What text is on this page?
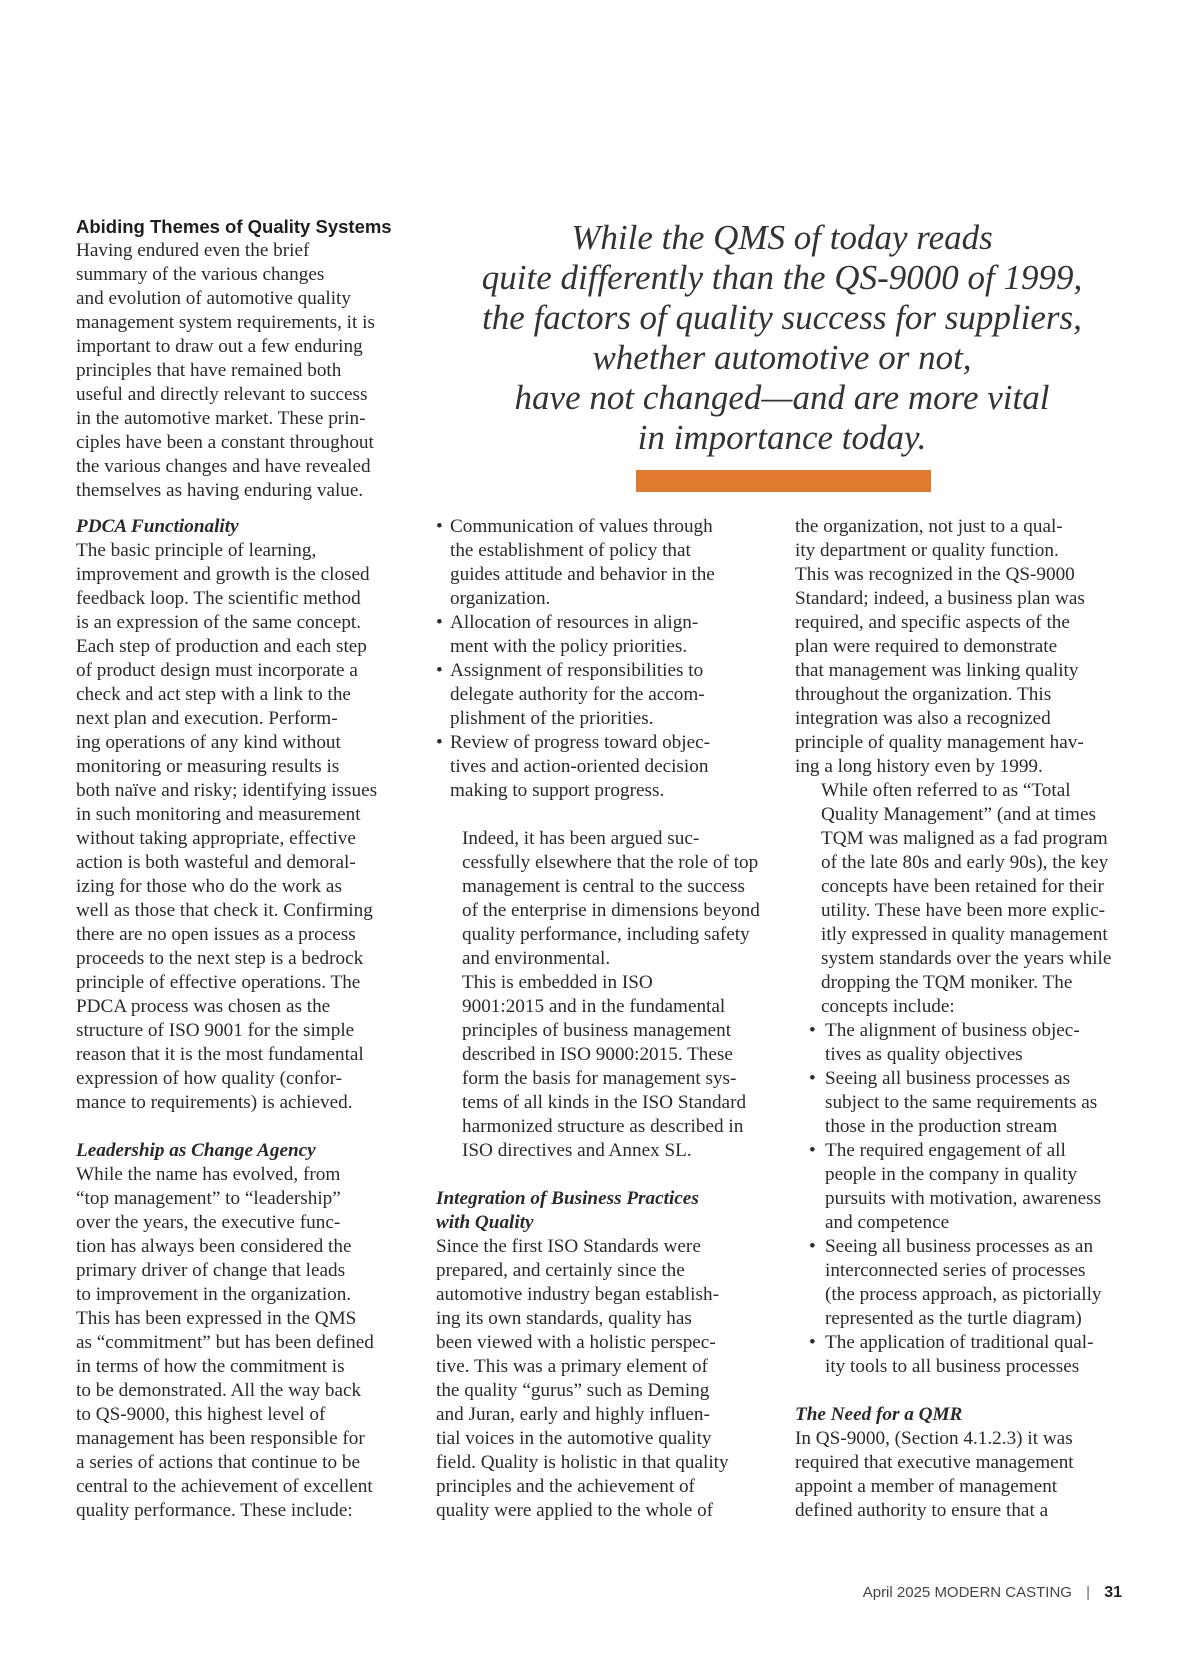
Abiding Themes of Quality Systems
Having endured even the brief
summary of the various changes
and evolution of automotive quality
management system requirements, it is
important to draw out a few enduring
principles that have remained both
useful and directly relevant to success
in the automotive market. These prin-
ciples have been a constant throughout
the various changes and have revealed
themselves as having enduring value.

While the QMS of today reads
quite differently than the QS-9000 of 1999,
the factors of quality success for suppliers,
whether automotive or not,
have not changed—and are more vital
in importance today.

PDCA Functionality
The basic principle of learning,
improvement and growth is the closed
feedback loop. The scientific method
is an expression of the same concept.
Each step of production and each step
of product design must incorporate a
check and act step with a link to the
next plan and execution. Perform-
ing operations of any kind without
monitoring or measuring results is
both naïve and risky; identifying issues
in such monitoring and measurement
without taking appropriate, effective
action is both wasteful and demoral-
izing for those who do the work as
well as those that check it. Confirming
there are no open issues as a process
proceeds to the next step is a bedrock
principle of effective operations. The
PDCA process was chosen as the
structure of ISO 9001 for the simple
reason that it is the most fundamental
expression of how quality (confor-
mance to requirements) is achieved.
Leadership as Change Agency
While the name has evolved, from
“top management” to “leadership”
over the years, the executive func-
tion has always been considered the
primary driver of change that leads
to improvement in the organization.
This has been expressed in the QMS
as “commitment” but has been defined
in terms of how the commitment is
to be demonstrated. All the way back
to QS-9000, this highest level of
management has been responsible for
a series of actions that continue to be
central to the achievement of excellent
quality performance. These include:
• Communication of values through
the establishment of policy that
guides attitude and behavior in the
organization.
• Allocation of resources in align-
ment with the policy priorities.
• Assignment of responsibilities to
delegate authority for the accom-
plishment of the priorities.
• Review of progress toward objec-
tives and action-oriented decision
making to support progress.
Indeed, it has been argued suc-
cessfully elsewhere that the role of top
management is central to the success
of the enterprise in dimensions beyond
quality performance, including safety
and environmental.
This is embedded in ISO
9001:2015 and in the fundamental
principles of business management
described in ISO 9000:2015. These
form the basis for management sys-
tems of all kinds in the ISO Standard
harmonized structure as described in
ISO directives and Annex SL.
Integration of Business Practices
with Quality
Since the first ISO Standards were
prepared, and certainly since the
automotive industry began establish-
ing its own standards, quality has
been viewed with a holistic perspec-
tive. This was a primary element of
the quality “gurus” such as Deming
and Juran, early and highly influen-
tial voices in the automotive quality
field. Quality is holistic in that quality
principles and the achievement of
quality were applied to the whole of
the organization, not just to a qual-
ity department or quality function.
This was recognized in the QS-9000
Standard; indeed, a business plan was
required, and specific aspects of the
plan were required to demonstrate
that management was linking quality
throughout the organization. This
integration was also a recognized
principle of quality management hav-
ing a long history even by 1999.
While often referred to as “Total
Quality Management” (and at times
TQM was maligned as a fad program
of the late 80s and early 90s), the key
concepts have been retained for their
utility. These have been more explic-
itly expressed in quality management
system standards over the years while
dropping the TQM moniker. The
concepts include:
• The alignment of business objec-
tives as quality objectives
• Seeing all business processes as
subject to the same requirements as
those in the production stream
• The required engagement of all
people in the company in quality
pursuits with motivation, awareness
and competence
• Seeing all business processes as an
interconnected series of processes
(the process approach, as pictorially
represented as the turtle diagram)
• The application of traditional qual-
ity tools to all business processes
The Need for a QMR
In QS-9000, (Section 4.1.2.3) it was
required that executive management
appoint a member of management
defined authority to ensure that a
April 2025 MODERN CASTING | 31
